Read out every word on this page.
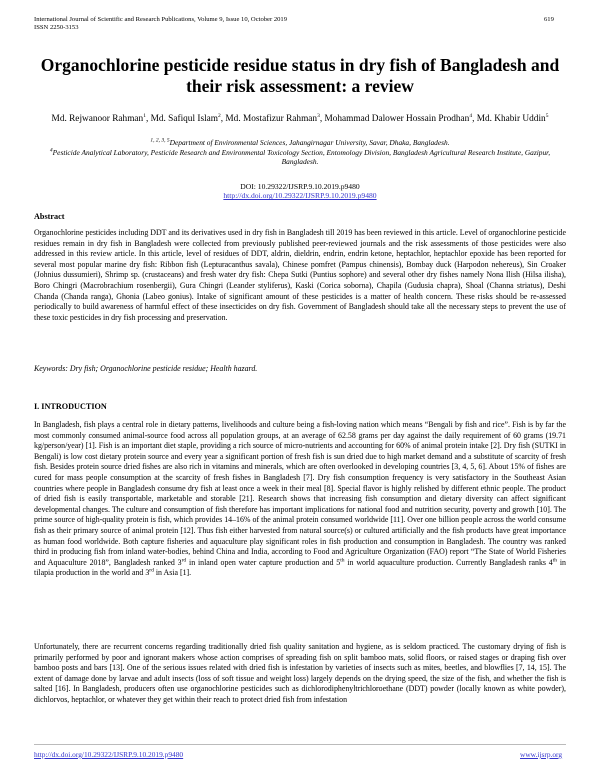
International Journal of Scientific and Research Publications, Volume 9, Issue 10, October 2019
ISSN 2250-3153
619
Organochlorine pesticide residue status in dry fish of Bangladesh and their risk assessment: a review
Md. Rejwanoor Rahman$^1$, Md. Safiqul Islam$^2$, Md. Mostafizur Rahman$^3$, Mohammad Dalower Hossain Prodhan$^4$, Md. Khabir Uddin$^5$
$^{1, 2, 3, 5}$Department of Environmental Sciences, Jahangirnagar University, Savar, Dhaka, Bangladesh.
$^4$Pesticide Analytical Laboratory, Pesticide Research and Environmental Toxicology Section, Entomology Division, Bangladesh Agricultural Research Institute, Gazipur, Bangladesh.
DOI: 10.29322/IJSRP.9.10.2019.p9480
http://dx.doi.org/10.29322/IJSRP.9.10.2019.p9480
Abstract
Organochlorine pesticides including DDT and its derivatives used in dry fish in Bangladesh till 2019 has been reviewed in this article. Level of organochlorine pesticide residues remain in dry fish in Bangladesh were collected from previously published peer-reviewed journals and the risk assessments of those pesticides were also addressed in this review article. In this article, level of residues of DDT, aldrin, dieldrin, endrin, endrin ketone, heptachlor, heptachlor epoxide has been reported for several most popular marine dry fish: Ribbon fish (Lepturacanthus savala), Chinese pomfret (Pampus chinensis), Bombay duck (Harpodon nehereus), Sin Croaker (Johnius dussumieri), Shrimp sp. (crustaceans) and fresh water dry fish: Chepa Sutki (Puntius sophore) and several other dry fishes namely Nona Ilish (Hilsa ilisha), Boro Chingri (Macrobrachium rosenbergii), Gura Chingri (Leander styliferus), Kaski (Corica soborna), Chapila (Gudusia chapra), Shoal (Channa striatus), Deshi Chanda (Chanda ranga), Ghonia (Labeo gonius). Intake of significant amount of these pesticides is a matter of health concern. These risks should be re-assessed periodically to build awareness of harmful effect of these insecticides on dry fish. Government of Bangladesh should take all the necessary steps to prevent the use of these toxic pesticides in dry fish processing and preservation.
Keywords: Dry fish; Organochlorine pesticide residue; Health hazard.
I. INTRODUCTION
In Bangladesh, fish plays a central role in dietary patterns, livelihoods and culture being a fish-loving nation which means “Bengali by fish and rice”. Fish is by far the most commonly consumed animal-source food across all population groups, at an average of 62.58 grams per day against the daily requirement of 60 grams (19.71 kg/person/year) [1]. Fish is an important diet staple, providing a rich source of micro-nutrients and accounting for 60% of animal protein intake [2]. Dry fish (SUTKI in Bengali) is low cost dietary protein source and every year a significant portion of fresh fish is sun dried due to high market demand and a substitute of scarcity of fresh fish. Besides protein source dried fishes are also rich in vitamins and minerals, which are often overlooked in developing countries [3, 4, 5, 6]. About 15% of fishes are cured for mass people consumption at the scarcity of fresh fishes in Bangladesh [7]. Dry fish consumption frequency is very satisfactory in the Southeast Asian countries where people in Bangladesh consume dry fish at least once a week in their meal [8]. Special flavor is highly relished by different ethnic people. The product of dried fish is easily transportable, marketable and storable [21]. Research shows that increasing fish consumption and dietary diversity can affect significant developmental changes. The culture and consumption of fish therefore has important implications for national food and nutrition security, poverty and growth [10]. The prime source of high-quality protein is fish, which provides 14–16% of the animal protein consumed worldwide [11]. Over one billion people across the world consume fish as their primary source of animal protein [12]. Thus fish either harvested from natural source(s) or cultured artificially and the fish products have great importance as human food worldwide. Both capture fisheries and aquaculture play significant roles in fish production and consumption in Bangladesh. The country was ranked third in producing fish from inland water-bodies, behind China and India, according to Food and Agriculture Organization (FAO) report “The State of World Fisheries and Aquaculture 2018”, Bangladesh ranked 3rd in inland open water capture production and 5th in world aquaculture production. Currently Bangladesh ranks 4th in tilapia production in the world and 3rd in Asia [1].
Unfortunately, there are recurrent concerns regarding traditionally dried fish quality sanitation and hygiene, as is seldom practiced. The customary drying of fish is primarily performed by poor and ignorant makers whose action comprises of spreading fish on split bamboo mats, solid floors, or raised stages or draping fish over bamboo posts and bars [13]. One of the serious issues related with dried fish is infestation by varieties of insects such as mites, beetles, and blowflies [7, 14, 15]. The extent of damage done by larvae and adult insects (loss of soft tissue and weight loss) largely depends on the drying speed, the size of the fish, and whether the fish is salted [16]. In Bangladesh, producers often use organochlorine pesticides such as dichlorodiphenyltrichloroethane (DDT) powder (locally known as white powder), dichlorvos, heptachlor, or whatever they get within their reach to protect dried fish from infestation
http://dx.doi.org/10.29322/IJSRP.9.10.2019.p9480	www.ijsrp.org
